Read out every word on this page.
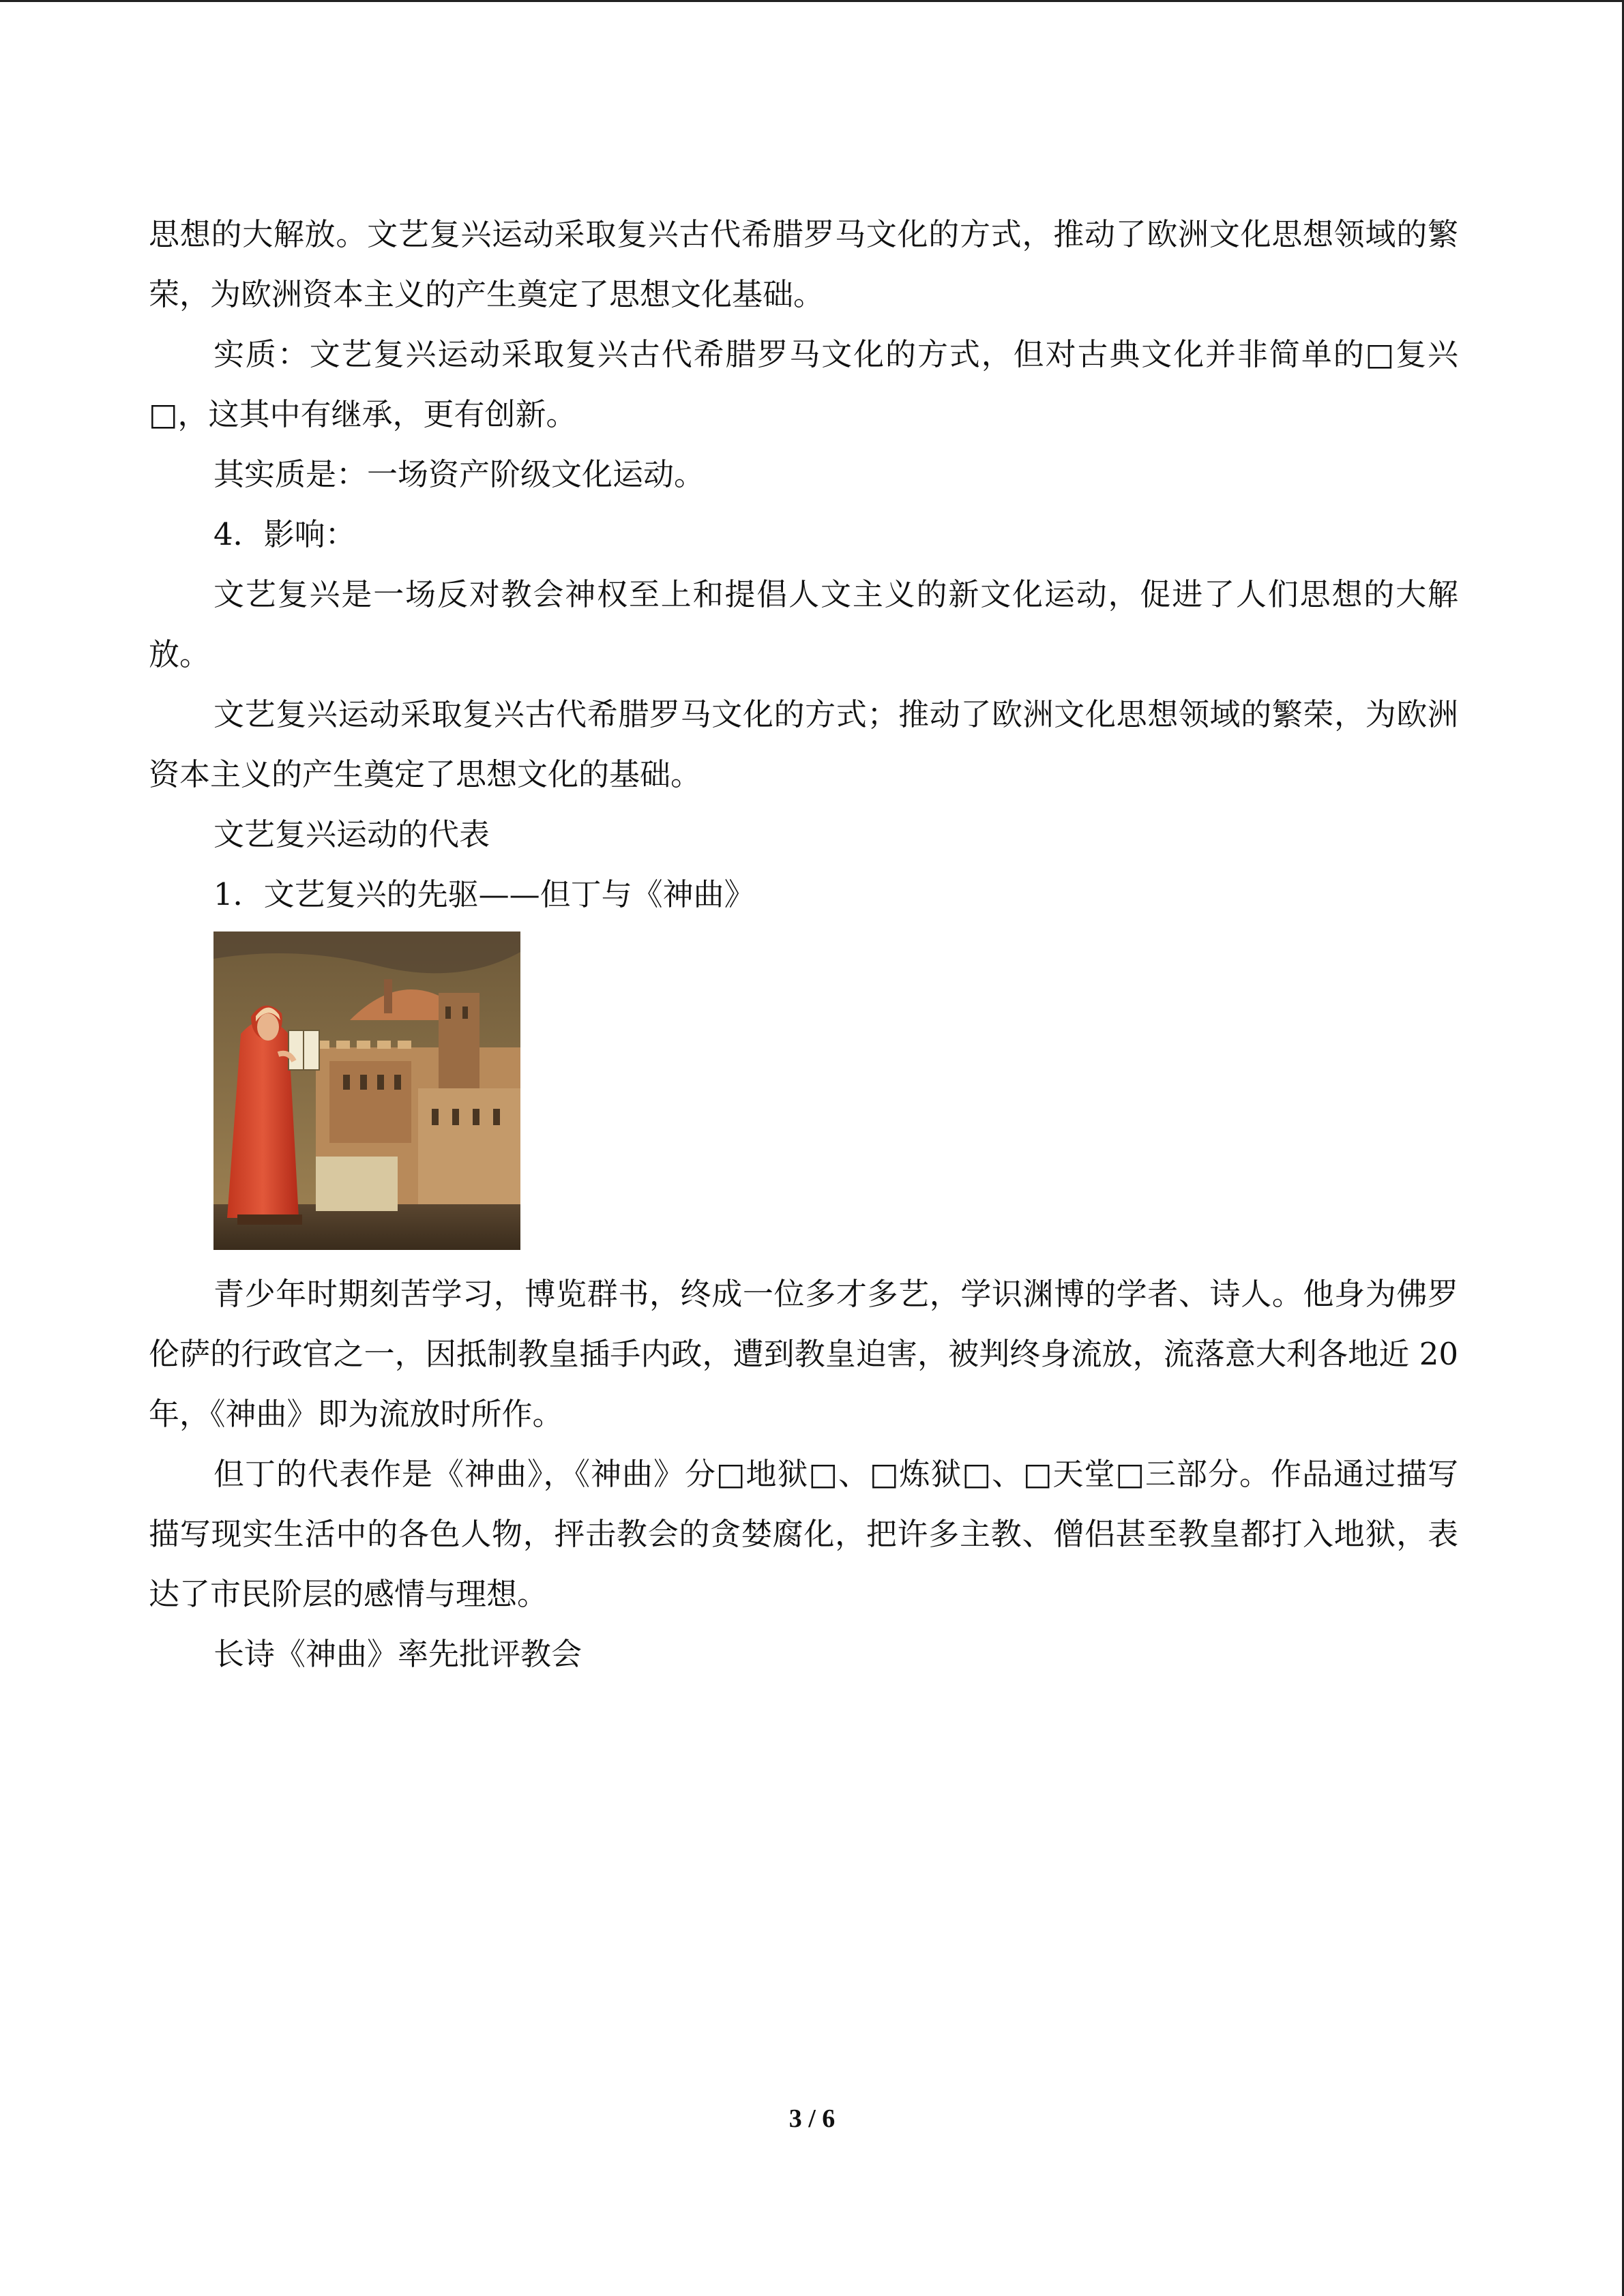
思想的大解放。文艺复兴运动采取复兴古代希腊罗马文化的方式，推动了欧洲文化思想领域的繁荣，为欧洲资本主义的产生奠定了思想文化基础。

实质：文艺复兴运动采取复兴古代希腊罗马文化的方式，但对古典文化并非简单的□复兴□，这其中有继承，更有创新。

其实质是：一场资产阶级文化运动。

4．影响：

文艺复兴是一场反对教会神权至上和提倡人文主义的新文化运动，促进了人们思想的大解放。

文艺复兴运动采取复兴古代希腊罗马文化的方式；推动了欧洲文化思想领域的繁荣，为欧洲资本主义的产生奠定了思想文化的基础。

文艺复兴运动的代表

1．文艺复兴的先驱——但丁与《神曲》

青少年时期刻苦学习，博览群书，终成一位多才多艺，学识渊博的学者、诗人。他身为佛罗伦萨的行政官之一，因抵制教皇插手内政，遭到教皇迫害，被判终身流放，流落意大利各地近 20 年，《神曲》即为流放时所作。

但丁的代表作是《神曲》，《神曲》分□地狱□、□炼狱□、□天堂□三部分。作品通过描写描写现实生活中的各色人物，抨击教会的贪婪腐化，把许多主教、僧侣甚至教皇都打入地狱，表达了市民阶层的感情与理想。

长诗《神曲》率先批评教会

3 / 6
